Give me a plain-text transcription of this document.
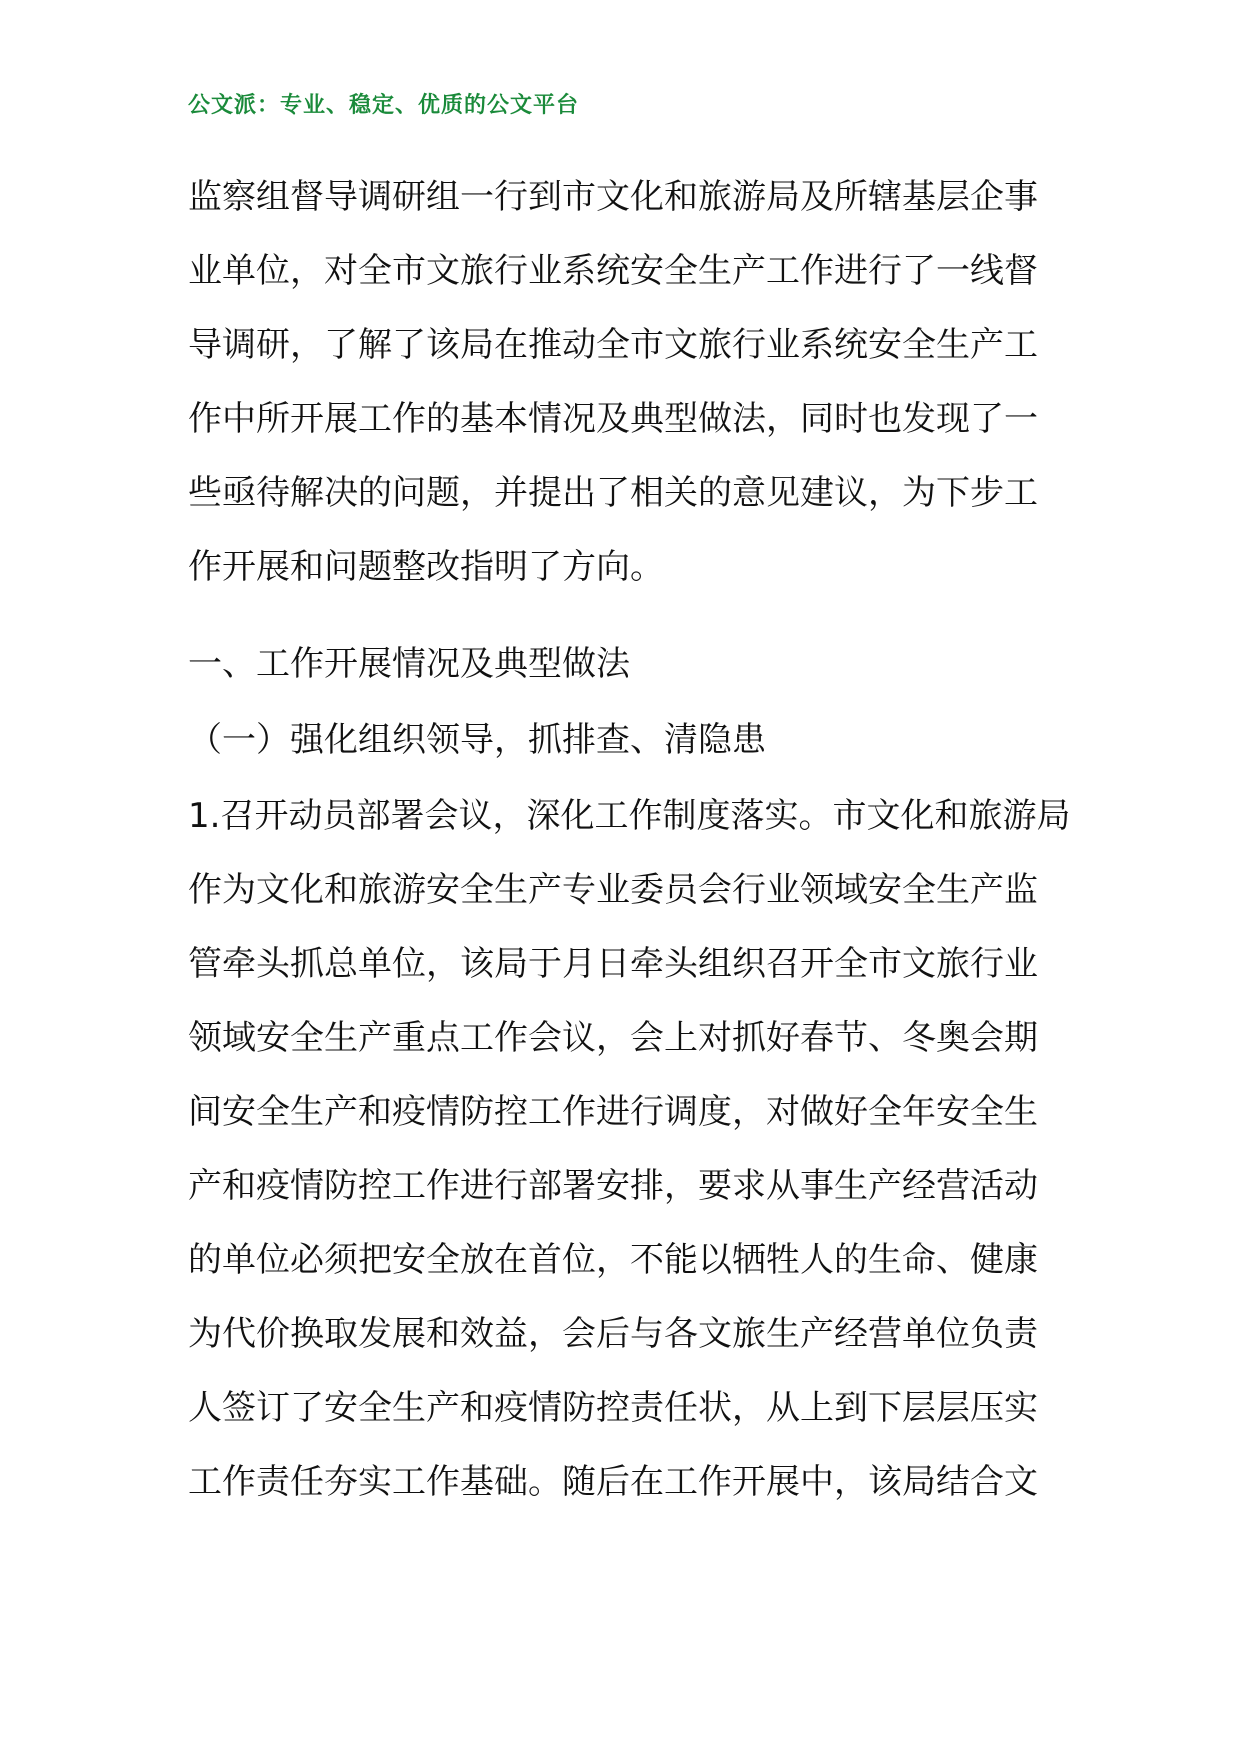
公文派：专业、稳定、优质的公文平台
监察组督导调研组一行到市文化和旅游局及所辖基层企事
业单位，对全市文旅行业系统安全生产工作进行了一线督
导调研，了解了该局在推动全市文旅行业系统安全生产工
作中所开展工作的基本情况及典型做法，同时也发现了一
些亟待解决的问题，并提出了相关的意见建议，为下步工
作开展和问题整改指明了方向。
一、工作开展情况及典型做法
（一）强化组织领导，抓排查、清隐患
1.召开动员部署会议，深化工作制度落实。市文化和旅游局
作为文化和旅游安全生产专业委员会行业领域安全生产监
管牵头抓总单位，该局于月日牵头组织召开全市文旅行业
领域安全生产重点工作会议，会上对抓好春节、冬奥会期
间安全生产和疫情防控工作进行调度，对做好全年安全生
产和疫情防控工作进行部署安排，要求从事生产经营活动
的单位必须把安全放在首位，不能以牺牲人的生命、健康
为代价换取发展和效益，会后与各文旅生产经营单位负责
人签订了安全生产和疫情防控责任状，从上到下层层压实
工作责任夯实工作基础。随后在工作开展中，该局结合文
